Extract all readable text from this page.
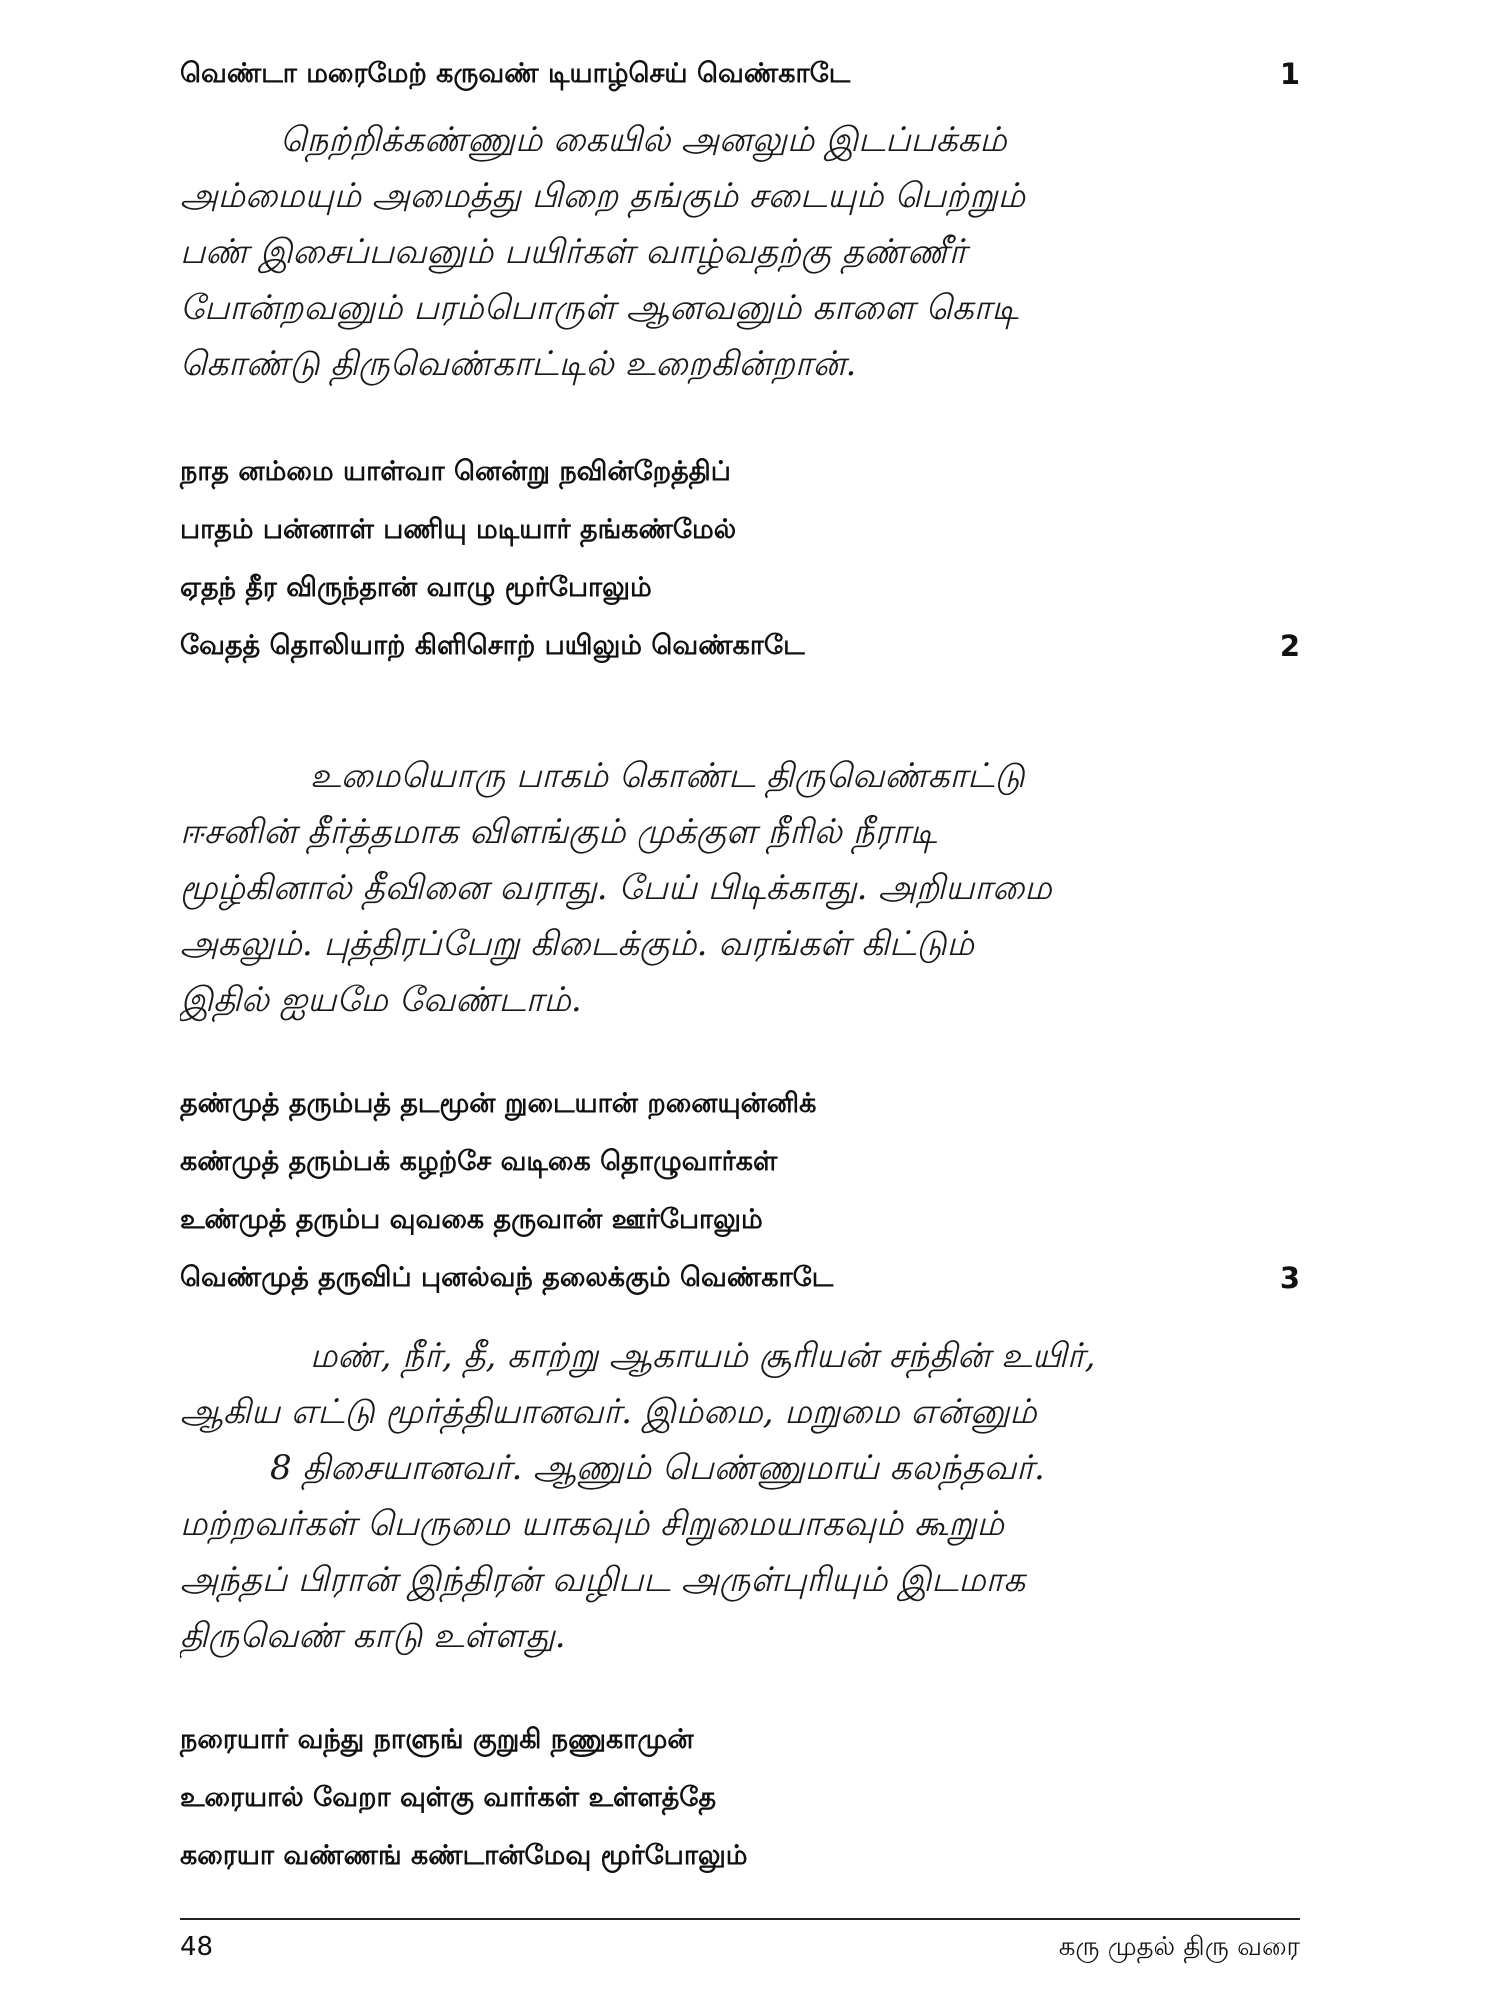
வெண்டா மரைமேற் கருவண் டியாழ்செய் வெண்காடே	1
நெற்றிக்கண்ணும் கையில் அனலும் இடப்பக்கம்
அம்மையும் அமைத்து பிறை தங்கும் சடையும் பெற்றும்
பண் இசைப்பவனும் பயிர்கள் வாழ்வதற்கு தண்ணீர்
போன்றவனும் பரம்பொருள் ஆனவனும் காளை கொடி
கொண்டு திருவெண்காட்டில் உறைகின்றான்.
நாத னம்மை யாள்வா னென்று நவின்றேத்திப்
பாதம் பன்னாள் பணியு மடியார் தங்கண்மேல்
ஏதந் தீர விருந்தான் வாழு மூர்போலும்
வேதத் தொலியாற் கிளிசொற் பயிலும் வெண்காடே	2
உமையொரு பாகம் கொண்ட திருவெண்காட்டு
ஈசனின் தீர்த்தமாக விளங்கும் முக்குள நீரில் நீராடி
மூழ்கினால் தீவினை வராது. பேய் பிடிக்காது. அறியாமை
அகலும். புத்திரப்பேறு கிடைக்கும். வரங்கள் கிட்டும்
இதில் ஐயமே வேண்டாம்.
தண்முத் தரும்பத் தடமூன் றுடையான் றனையுன்னிக்
கண்முத் தரும்பக் கழற்சே வடிகை தொழுவார்கள்
உண்முத் தரும்ப வுவகை தருவான் ஊர்போலும்
வெண்முத் தருவிப் புனல்வந் தலைக்கும் வெண்காடே	3
மண், நீர், தீ, காற்று ஆகாயம் சூரியன் சந்தின் உயிர்,
ஆகிய எட்டு மூர்த்தியானவர். இம்மை, மறுமை என்னும்
8 திசையானவர். ஆணும் பெண்ணுமாய் கலந்தவர்.
மற்றவர்கள் பெருமை யாகவும் சிறுமையாகவும் கூறும்
அந்தப் பிரான் இந்திரன் வழிபட அருள்புரியும் இடமாக
திருவெண் காடு உள்ளது.
நரையார் வந்து நாளுங் குறுகி நணுகாமுன்
உரையால் வேறா வுள்கு வார்கள் உள்ளத்தே
கரையா வண்ணங் கண்டான்மேவு மூர்போலும்
48	கரு முதல் திரு வரை
